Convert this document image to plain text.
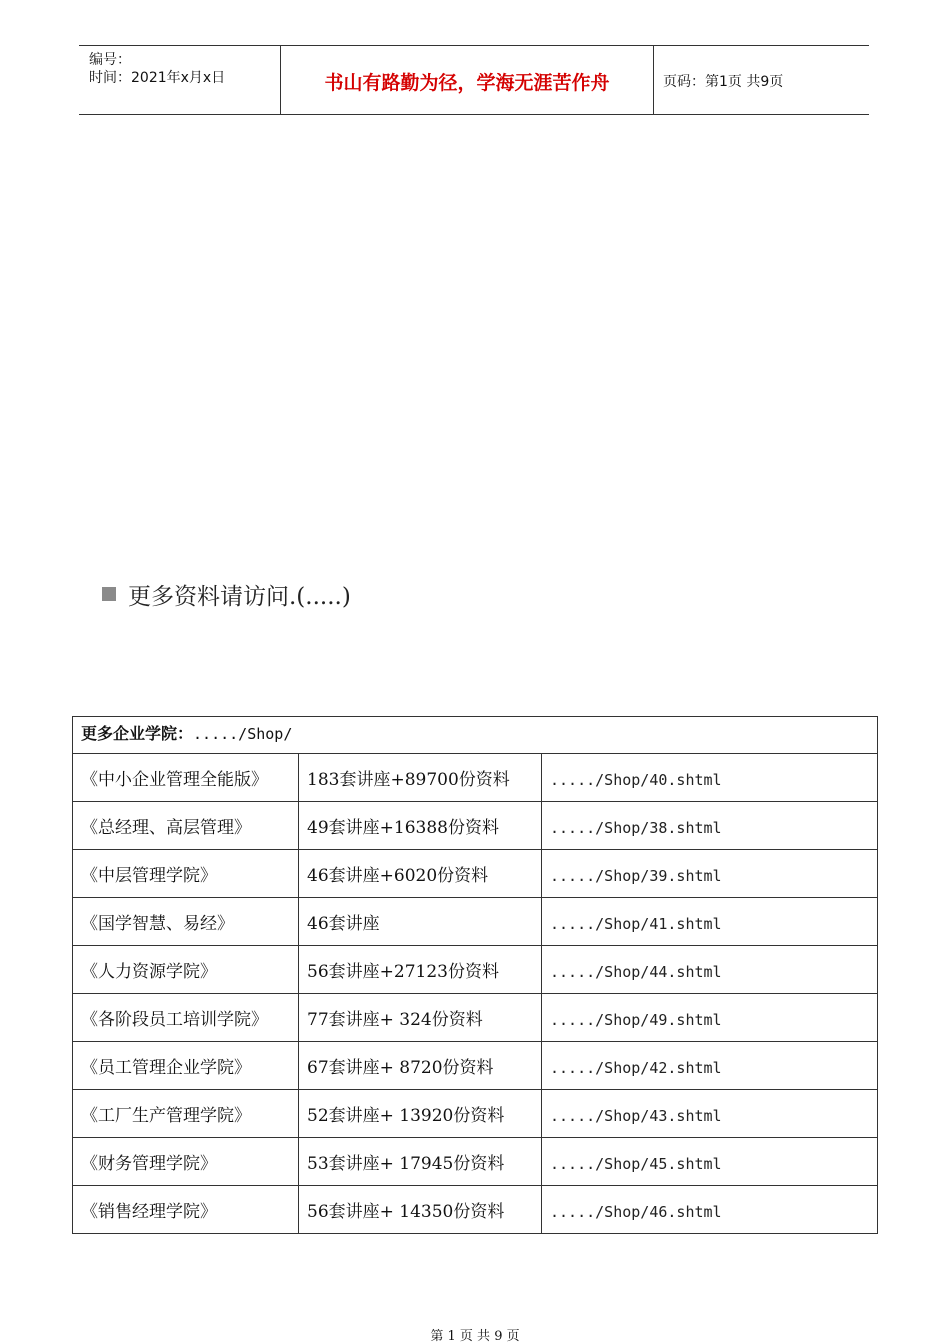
编号：
时间：2021年x月x日	书山有路勤为径，学海无涯苦作舟	页码：第1页 共9页
更多资料请访问.(.....)
更多企业学院：...../Shop/		
《中小企业管理全能版》	183套讲座+89700份资料	...../Shop/40.shtml
《总经理、高层管理》	49套讲座+16388份资料	...../Shop/38.shtml
《中层管理学院》	46套讲座+6020份资料	...../Shop/39.shtml
《国学智慧、易经》	46套讲座	...../Shop/41.shtml
《人力资源学院》	56套讲座+27123份资料	...../Shop/44.shtml
《各阶段员工培训学院》	77套讲座+ 324份资料	...../Shop/49.shtml
《员工管理企业学院》	67套讲座+ 8720份资料	...../Shop/42.shtml
《工厂生产管理学院》	52套讲座+ 13920份资料	...../Shop/43.shtml
《财务管理学院》	53套讲座+ 17945份资料	...../Shop/45.shtml
《销售经理学院》	56套讲座+ 14350份资料	...../Shop/46.shtml
第 1 页 共 9 页
